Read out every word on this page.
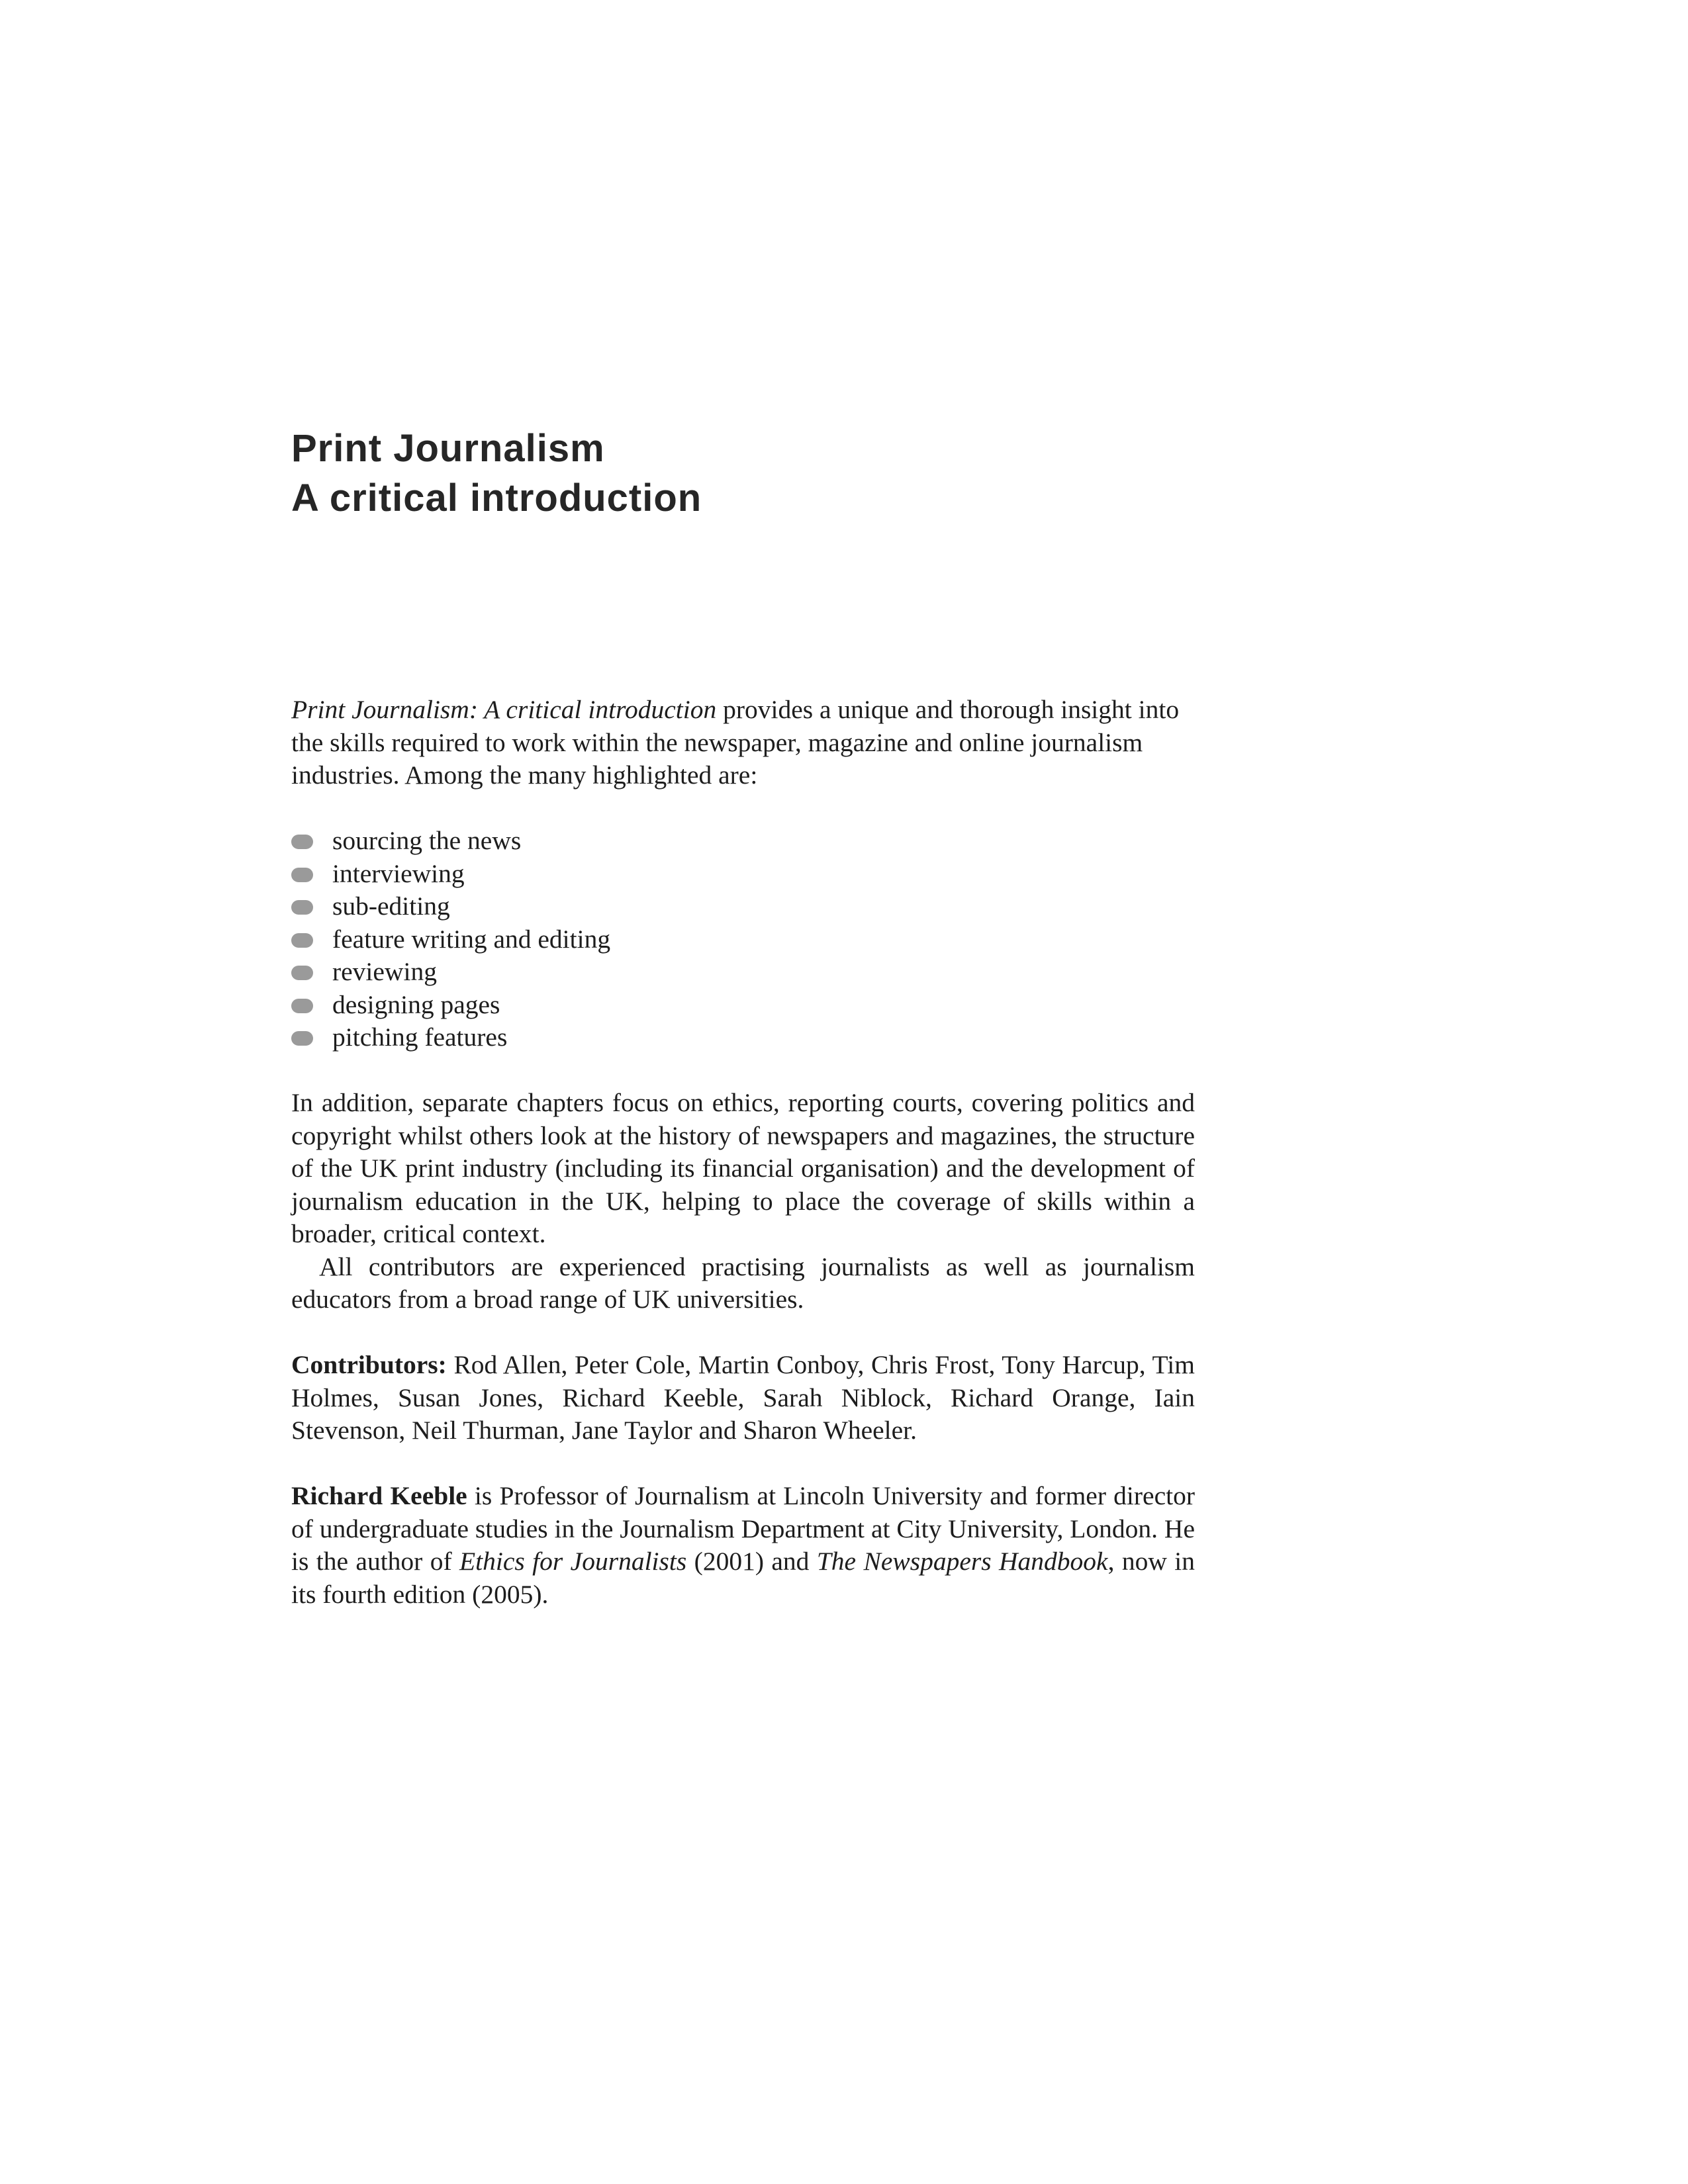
Print Journalism
A critical introduction

Print Journalism: A critical introduction provides a unique and thorough insight into the skills required to work within the newspaper, magazine and online journalism industries. Among the many highlighted are:

sourcing the news
interviewing
sub-editing
feature writing and editing
reviewing
designing pages
pitching features

In addition, separate chapters focus on ethics, reporting courts, covering politics and copyright whilst others look at the history of newspapers and magazines, the structure of the UK print industry (including its financial organisation) and the development of journalism education in the UK, helping to place the coverage of skills within a broader, critical context.

All contributors are experienced practising journalists as well as journalism educators from a broad range of UK universities.

Contributors: Rod Allen, Peter Cole, Martin Conboy, Chris Frost, Tony Harcup, Tim Holmes, Susan Jones, Richard Keeble, Sarah Niblock, Richard Orange, Iain Stevenson, Neil Thurman, Jane Taylor and Sharon Wheeler.

Richard Keeble is Professor of Journalism at Lincoln University and former director of undergraduate studies in the Journalism Department at City University, London. He is the author of Ethics for Journalists (2001) and The Newspapers Handbook, now in its fourth edition (2005).
